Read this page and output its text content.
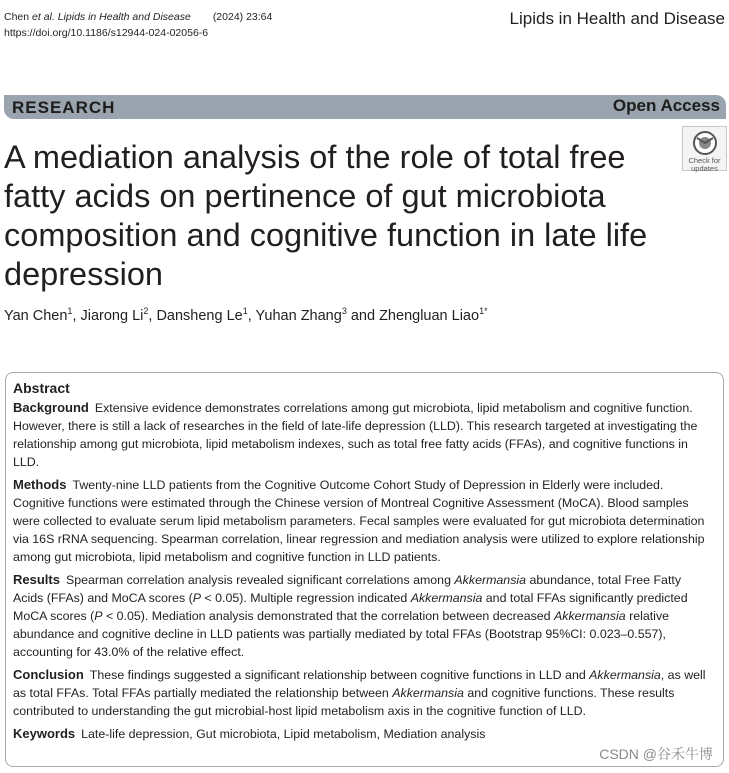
Chen et al. Lipids in Health and Disease (2024) 23:64
https://doi.org/10.1186/s12944-024-02056-6
Lipids in Health and Disease
RESEARCH	Open Access
Check for
updates
A mediation analysis of the role of total free fatty acids on pertinence of gut microbiota composition and cognitive function in late life depression
Yan Chen$^1$, Jiarong Li$^2$, Dansheng Le$^1$, Yuhan Zhang$^3$ and Zhengluan Liao$^{1*}$
Abstract

Background Extensive evidence demonstrates correlations among gut microbiota, lipid metabolism and cognitive function. However, there is still a lack of researches in the field of late-life depression (LLD). This research targeted at investigating the relationship among gut microbiota, lipid metabolism indexes, such as total free fatty acids (FFAs), and cognitive functions in LLD.

Methods Twenty-nine LLD patients from the Cognitive Outcome Cohort Study of Depression in Elderly were included. Cognitive functions were estimated through the Chinese version of Montreal Cognitive Assessment (MoCA). Blood samples were collected to evaluate serum lipid metabolism parameters. Fecal samples were evaluated for gut microbiota determination via 16S rRNA sequencing. Spearman correlation, linear regression and mediation analysis were utilized to explore relationship among gut microbiota, lipid metabolism and cognitive function in LLD patients.

Results Spearman correlation analysis revealed significant correlations among Akkermansia abundance, total Free Fatty Acids (FFAs) and MoCA scores (P < 0.05). Multiple regression indicated Akkermansia and total FFAs significantly predicted MoCA scores (P < 0.05). Mediation analysis demonstrated that the correlation between decreased Akkermansia relative abundance and cognitive decline in LLD patients was partially mediated by total FFAs (Bootstrap 95%CI: 0.023–0.557), accounting for 43.0% of the relative effect.

Conclusion These findings suggested a significant relationship between cognitive functions in LLD and Akkermansia, as well as total FFAs. Total FFAs partially mediated the relationship between Akkermansia and cognitive functions. These results contributed to understanding the gut microbial-host lipid metabolism axis in the cognitive function of LLD.

Keywords Late-life depression, Gut microbiota, Lipid metabolism, Mediation analysis

CSDN @谷禾牛博
